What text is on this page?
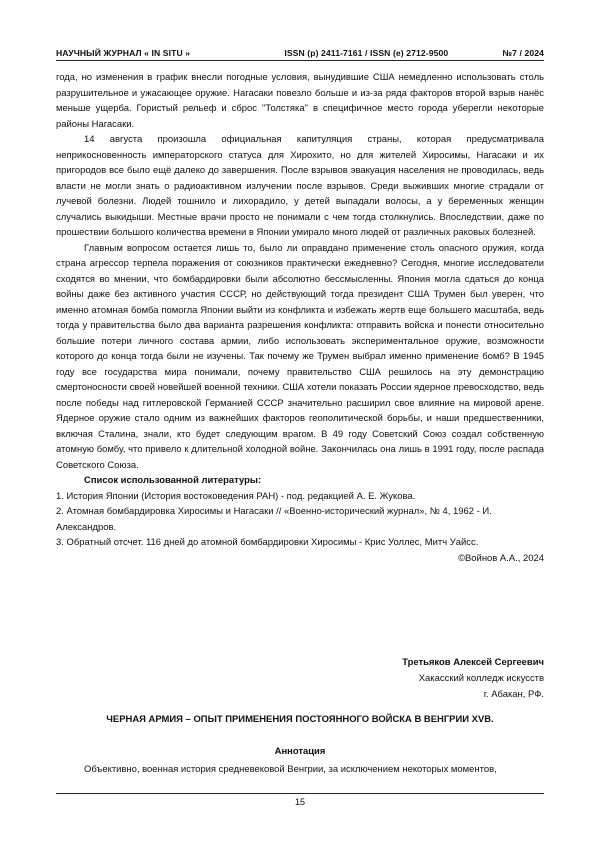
НАУЧНЫЙ ЖУРНАЛ « IN SITU »	ISSN (p) 2411-7161 / ISSN (e) 2712-9500	№7 / 2024

года, но изменения в график внесли погодные условия, вынудившие США немедленно использовать столь разрушительное и ужасающее оружие. Нагасаки повезло больше и из-за ряда факторов второй взрыв нанёс меньше ущерба. Гористый рельеф и сброс "Толстяка" в специфичное место города уберегли некоторые районы Нагасаки.

14 августа произошла официальная капитуляция страны, которая предусматривала неприкосновенность императорского статуса для Хирохито, но для жителей Хиросимы, Нагасаки и их пригородов все было ещё далеко до завершения. После взрывов эвакуация населения не проводилась, ведь власти не могли знать о радиоактивном излучении после взрывов. Среди выживших многие страдали от лучевой болезни. Людей тошнило и лихорадило, у детей выпадали волосы, а у беременных женщин случались выкидыши. Местные врачи просто не понимали с чем тогда столкнулись. Впоследствии, даже по прошествии большого количества времени в Японии умирало много людей от различных раковых болезней.

Главным вопросом остается лишь то, было ли оправдано применение столь опасного оружия, когда страна агрессор терпела поражения от союзников практически ежедневно? Сегодня, многие исследователи сходятся во мнении, что бомбардировки были абсолютно бессмысленны. Япония могла сдаться до конца войны даже без активного участия СССР, но действующий тогда президент США Трумен был уверен, что именно атомная бомба помогла Японии выйти из конфликта и избежать жертв еще большего масштаба, ведь тогда у правительства было два варианта разрешения конфликта: отправить войска и понести относительно большие потери личного состава армии, либо использовать экспериментальное оружие, возможности которого до конца тогда были не изучены. Так почему же Трумен выбрал именно применение бомб? В 1945 году все государства мира понимали, почему правительство США решилось на эту демонстрацию смертоносности своей новейшей военной техники. США хотели показать России ядерное превосходство, ведь после победы над гитлеровской Германией СССР значительно расширил свое влияние на мировой арене. Ядерное оружие стало одним из важнейших факторов геополитической борьбы, и наши предшественники, включая Сталина, знали, кто будет следующим врагом. В 49 году Советский Союз создал собственную атомную бомбу, что привело к длительной холодной войне. Закончилась она лишь в 1991 году, после распада Советского Союза.

Список использованной литературы:

1. История Японии (История востоковедения РАН) - под. редакцией А. Е. Жукова.
2. Атомная бомбардировка Хиросимы и Нагасаки // «Военно-исторический журнал», № 4, 1962 - И. Александров.
3. Обратный отсчет. 116 дней до атомной бомбардировки Хиросимы - Крис Уоллес, Митч Уайсс.

©Войнов А.А., 2024

Третьяков Алексей Сергеевич
Хакасский колледж искусств
г. Абакан, РФ.
ЧЕРНАЯ АРМИЯ – ОПЫТ ПРИМЕНЕНИЯ ПОСТОЯННОГО ВОЙСКА В ВЕНГРИИ XVB.
Аннотация
Объективно, военная история средневековой Венгрии, за исключением некоторых моментов,
15
